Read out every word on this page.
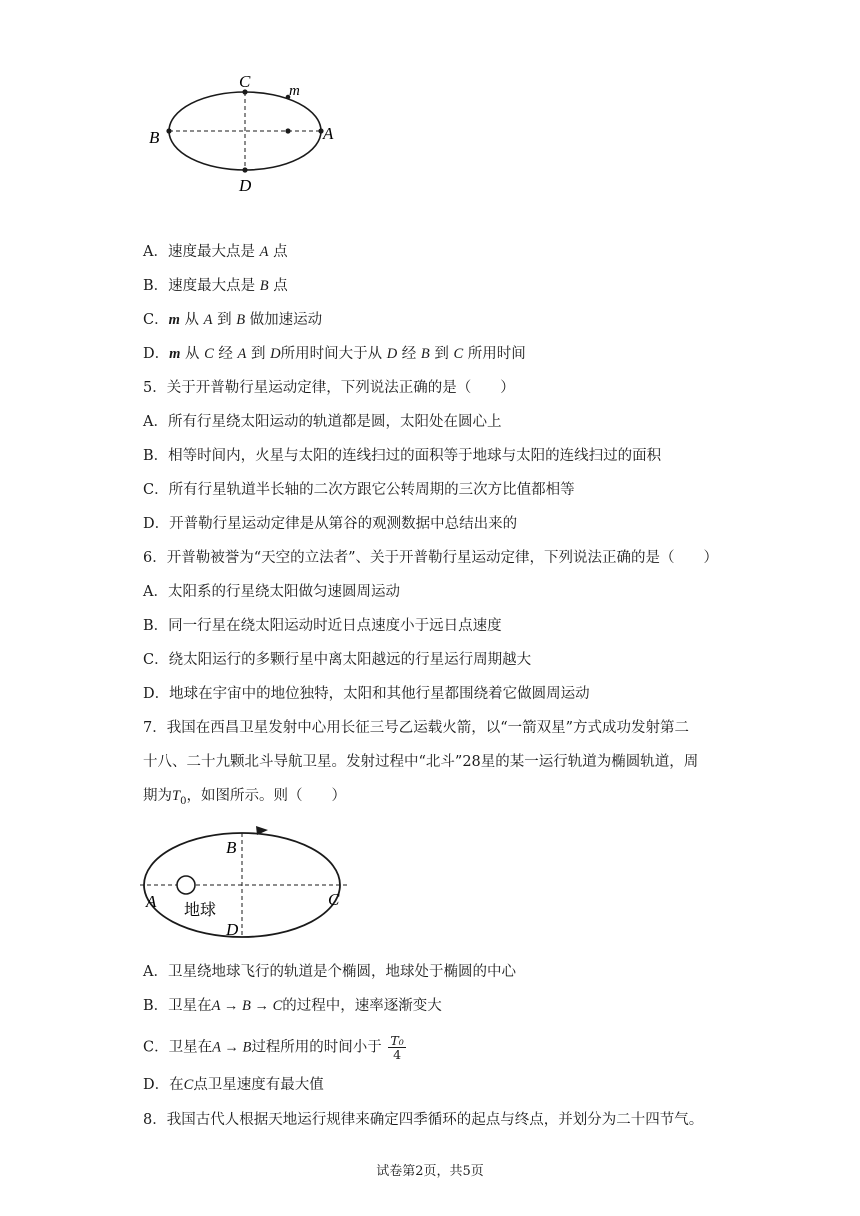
C	m
B	A
D
A．速度最大点是 A 点
B．速度最大点是 B 点
C．m 从 A 到 B 做加速运动
D．m 从 C 经 A 到 D所用时间大于从 D 经 B 到 C 所用时间
5．关于开普勒行星运动定律，下列说法正确的是（　　）
A．所有行星绕太阳运动的轨道都是圆，太阳处在圆心上
B．相等时间内，火星与太阳的连线扫过的面积等于地球与太阳的连线扫过的面积
C．所有行星轨道半长轴的二次方跟它公转周期的三次方比值都相等
D．开普勒行星运动定律是从第谷的观测数据中总结出来的
6．开普勒被誉为“天空的立法者”、关于开普勒行星运动定律，下列说法正确的是（　　）
A．太阳系的行星绕太阳做匀速圆周运动
B．同一行星在绕太阳运动时近日点速度小于远日点速度
C．绕太阳运行的多颗行星中离太阳越远的行星运行周期越大
D．地球在宇宙中的地位独特，太阳和其他行星都围绕着它做圆周运动
7．我国在西昌卫星发射中心用长征三号乙运载火箭，以“一箭双星”方式成功发射第二
十八、二十九颗北斗导航卫星。发射过程中“北斗”28星的某一运行轨道为椭圆轨道，周
期为$T_0$，如图所示。则（　　）
B
A	C
D
地球
A．卫星绕地球飞行的轨道是个椭圆，地球处于椭圆的中心
B．卫星在A → B → C的过程中，速率逐渐变大
C．卫星在A → B过程所用的时间小于 $\frac{\text{T₀}}{4}$
D．在C点卫星速度有最大值
8．我国古代人根据天地运行规律来确定四季循环的起点与终点，并划分为二十四节气。
试卷第2页，共5页
